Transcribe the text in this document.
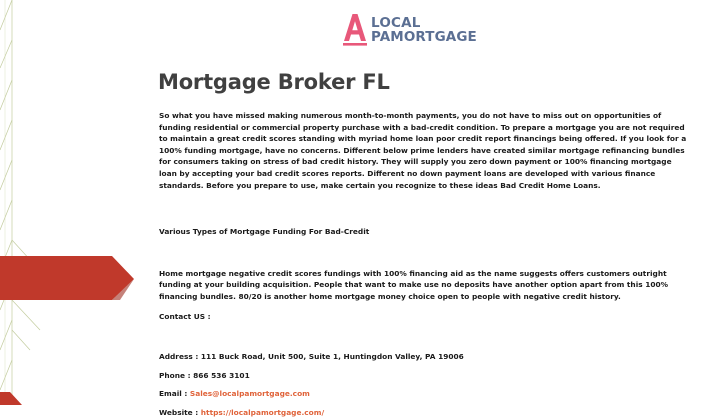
LOCAL
PAMORTGAGE
Mortgage Broker FL

So what you have missed making numerous month-to-month payments, you do not have to miss out on opportunities of funding residential or commercial property purchase with a bad-credit condition. To prepare a mortgage you are not required to maintain a great credit scores standing with myriad home loan poor credit report financings being offered. If you look for a 100% funding mortgage, have no concerns. Different below prime lenders have created similar mortgage refinancing bundles for consumers taking on stress of bad credit history. They will supply you zero down payment or 100% financing mortgage loan by accepting your bad credit scores reports. Different no down payment loans are developed with various finance standards. Before you prepare to use, make certain you recognize to these ideas Bad Credit Home Loans.

Various Types of Mortgage Funding For Bad-Credit

Home mortgage negative credit scores fundings with 100% financing aid as the name suggests offers customers outright funding at your building acquisition. People that want to make use no deposits have another option apart from this 100% financing bundles. 80/20 is another home mortgage money choice open to people with negative credit history.

Contact US :

Address : 111 Buck Road, Unit 500, Suite 1, Huntingdon Valley, PA 19006

Phone : 866 536 3101

Email : Sales@localpamortgage.com

Website : https://localpamortgage.com/
